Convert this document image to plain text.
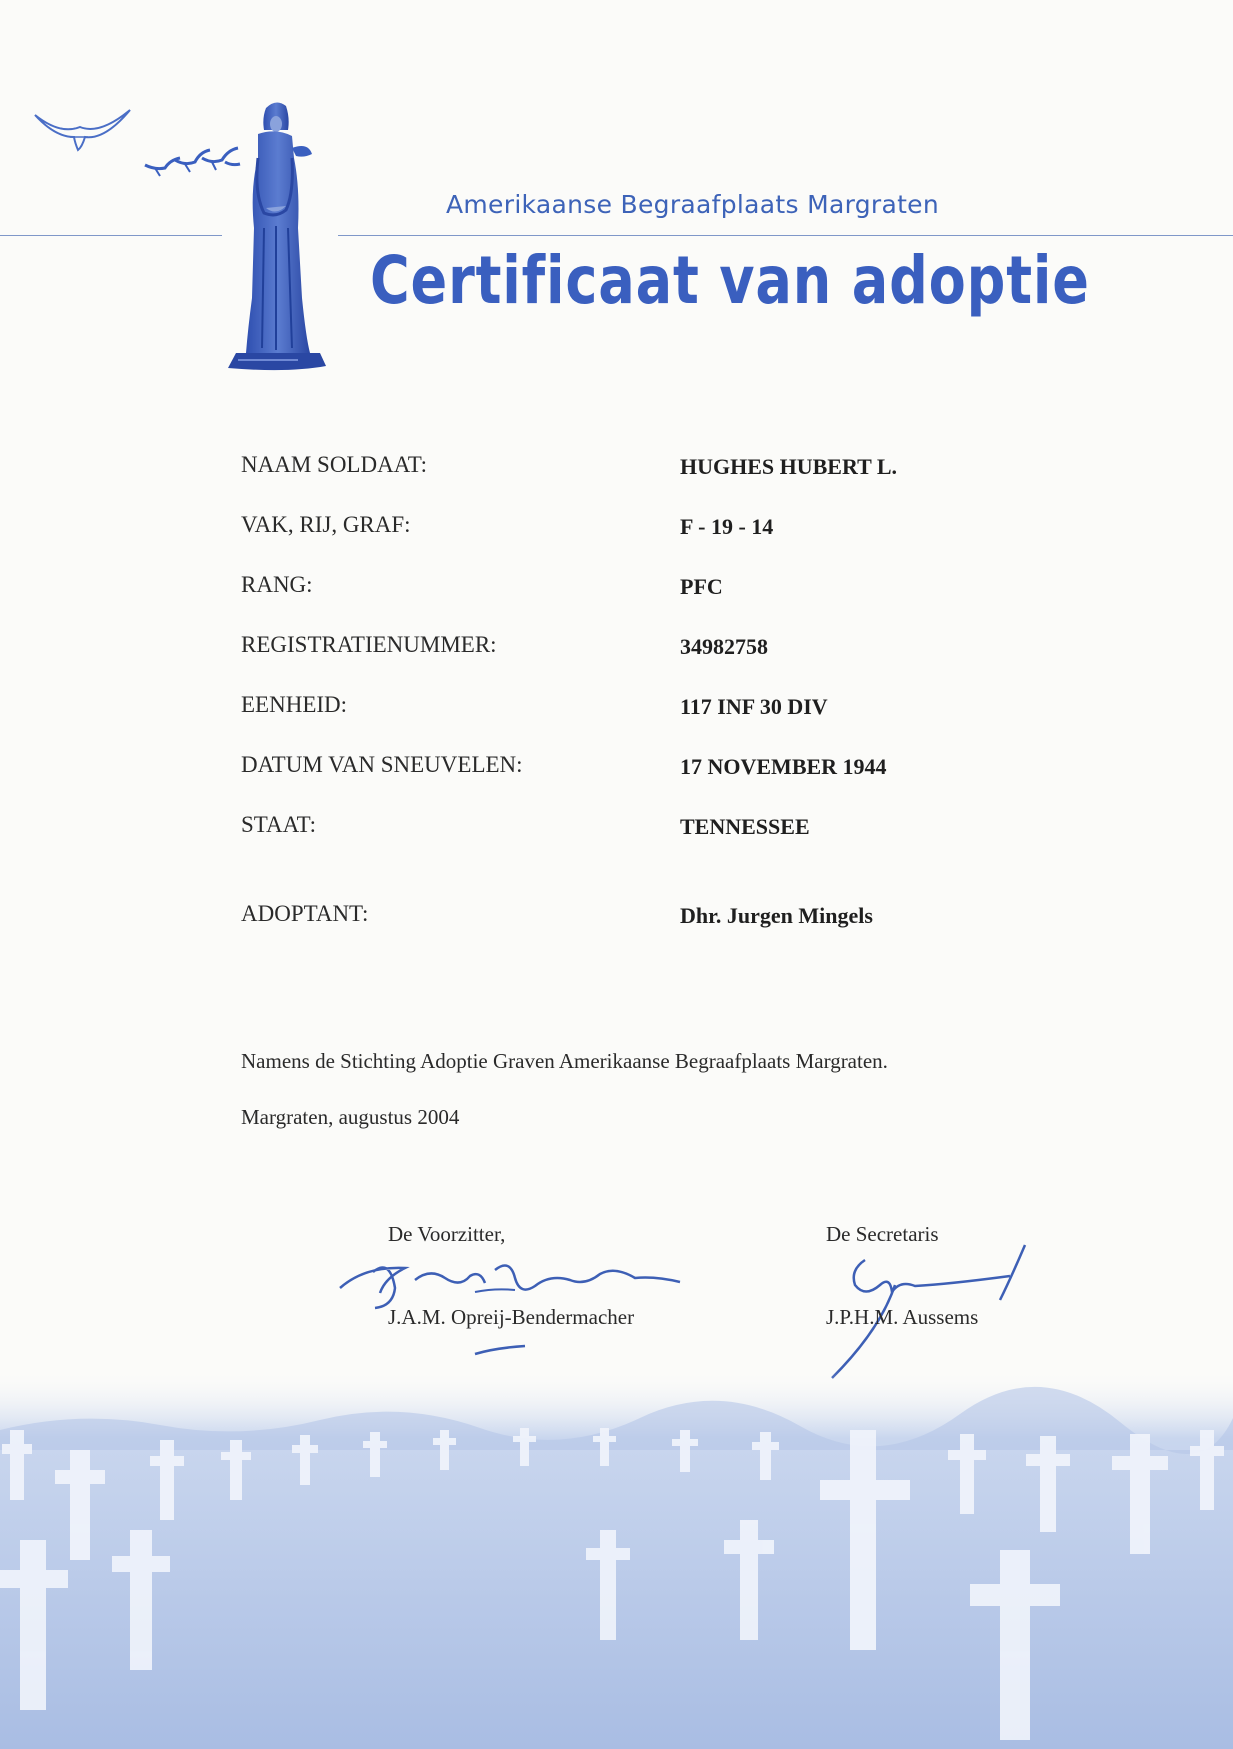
Amerikaanse Begraafplaats Margraten
Certificaat van adoptie
NAAM SOLDAAT:	HUGHES HUBERT L.
VAK, RIJ, GRAF:	F - 19 - 14
RANG:	PFC
REGISTRATIENUMMER:	34982758
EENHEID:	117 INF 30 DIV
DATUM VAN SNEUVELEN:	17 NOVEMBER 1944
STAAT:	TENNESSEE
ADOPTANT:	Dhr. Jurgen Mingels
Namens de Stichting Adoptie Graven Amerikaanse Begraafplaats Margraten.
Margraten, augustus 2004
De Voorzitter,
J.A.M. Opreij-Bendermacher
De Secretaris
J.P.H.M. Aussems
